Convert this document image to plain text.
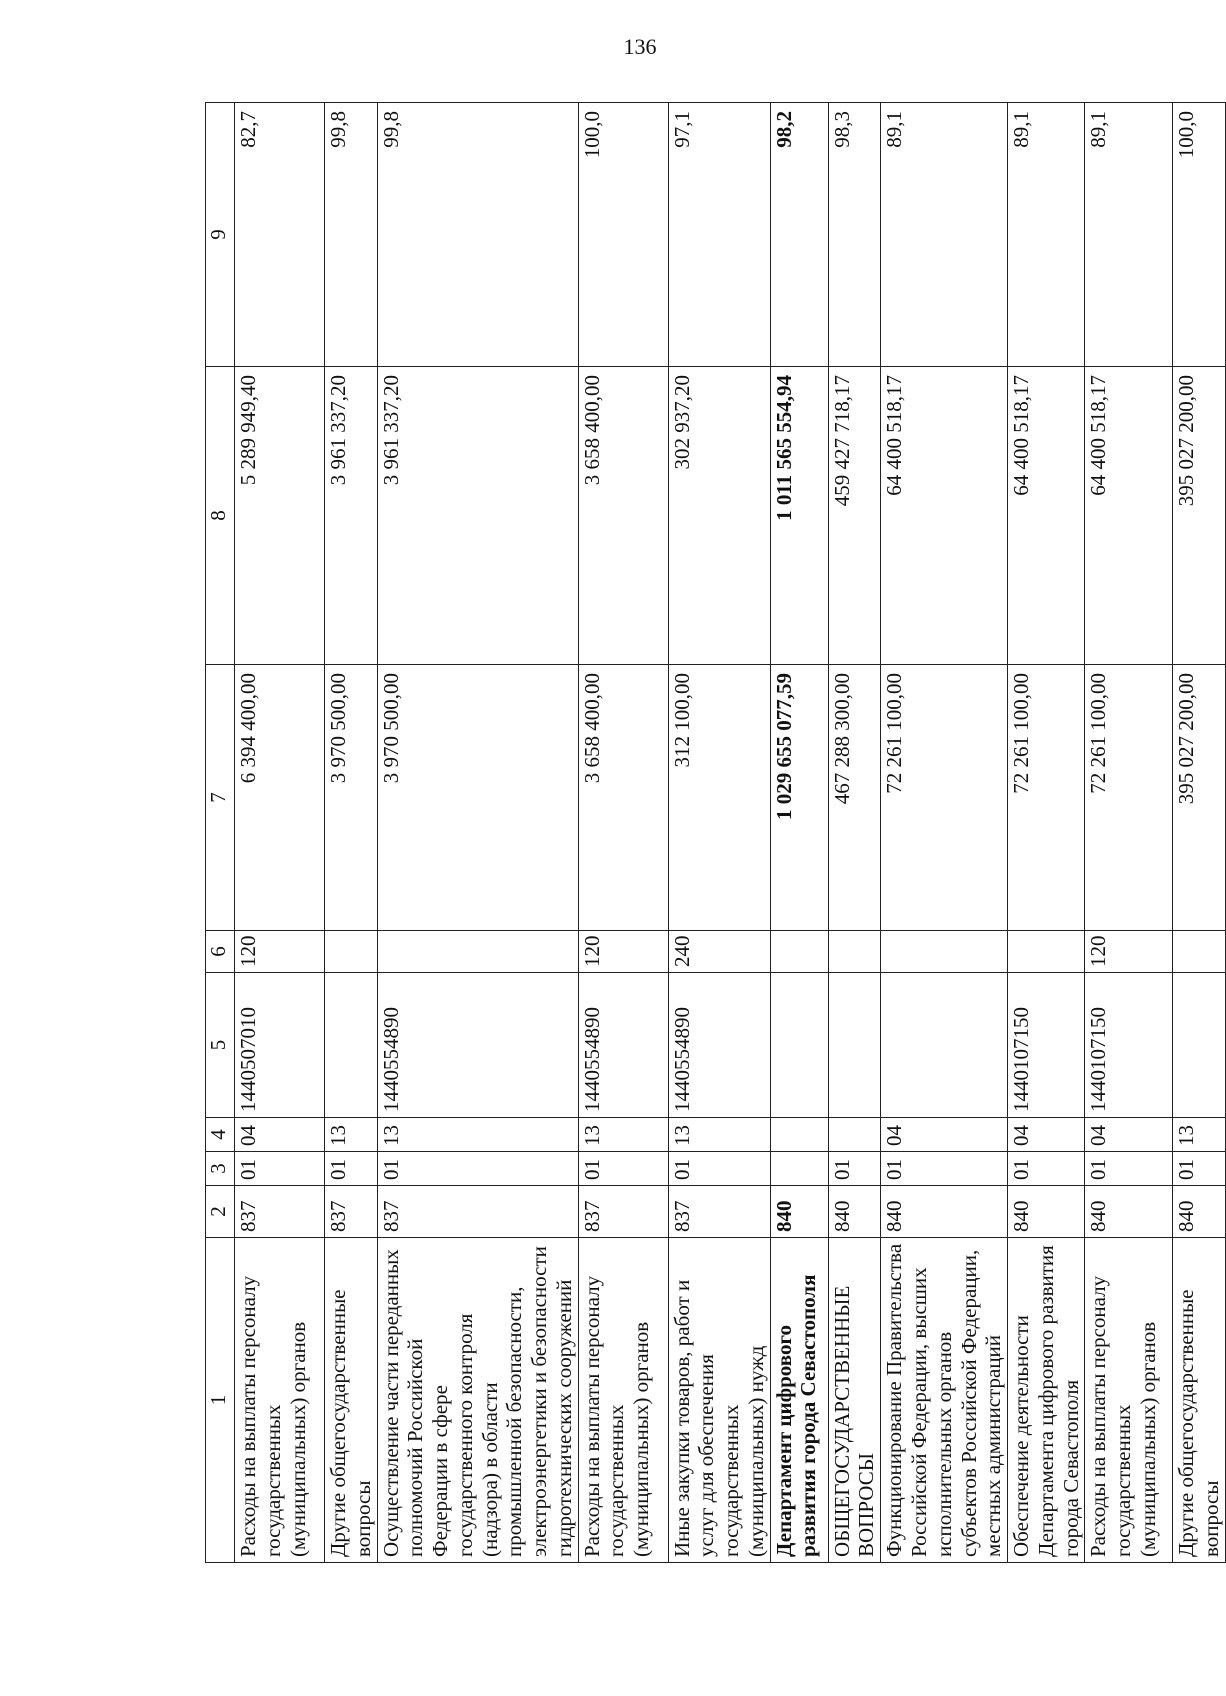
136
1	2	3	4	5	6	7	8	9
Расходы на выплаты персоналу государственных (муниципальных) органов	837	01	04	1440507010	120	6 394 400,00	5 289 949,40	82,7
Другие общегосударственные вопросы	837	01	13			3 970 500,00	3 961 337,20	99,8
Осуществление части переданных полномочий Российской Федерации в сфере государственного контроля (надзора) в области промышленной безопасности, электроэнергетики и безопасности гидротехнических сооружений	837	01	13	1440554890		3 970 500,00	3 961 337,20	99,8
Расходы на выплаты персоналу государственных (муниципальных) органов	837	01	13	1440554890	120	3 658 400,00	3 658 400,00	100,0
Иные закупки товаров, работ и услуг для обеспечения государственных (муниципальных) нужд	837	01	13	1440554890	240	312 100,00	302 937,20	97,1
Департамент цифрового развития города Севастополя	840					1 029 655 077,59	1 011 565 554,94	98,2
ОБЩЕГОСУДАРСТВЕННЫЕ ВОПРОСЫ	840	01				467 288 300,00	459 427 718,17	98,3
Функционирование Правительства Российской Федерации, высших исполнительных органов субъектов Российской Федерации, местных администраций	840	01	04			72 261 100,00	64 400 518,17	89,1
Обеспечение деятельности Департамента цифрового развития города Севастополя	840	01	04	1440107150		72 261 100,00	64 400 518,17	89,1
Расходы на выплаты персоналу государственных (муниципальных) органов	840	01	04	1440107150	120	72 261 100,00	64 400 518,17	89,1
Другие общегосударственные вопросы	840	01	13			395 027 200,00	395 027 200,00	100,0
